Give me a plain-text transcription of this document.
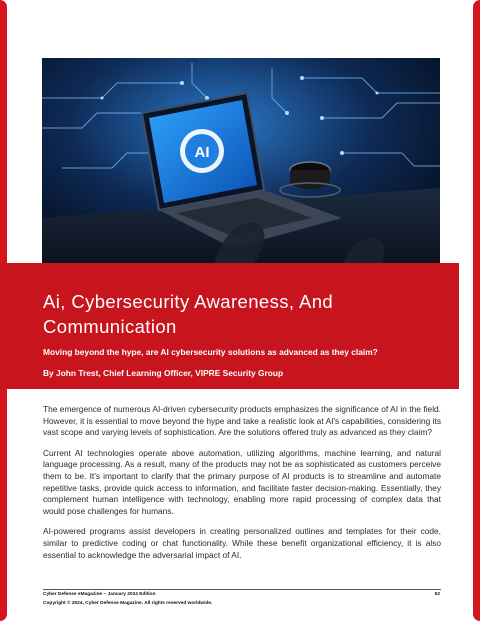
AI
Ai, Cybersecurity Awareness, And Communication

Moving beyond the hype, are AI cybersecurity solutions as advanced as they claim?

By John Trest, Chief Learning Officer, VIPRE Security Group

The emergence of numerous AI-driven cybersecurity products emphasizes the significance of AI in the field. However, it is essential to move beyond the hype and take a realistic look at AI's capabilities, considering its vast scope and varying levels of sophistication. Are the solutions offered truly as advanced as they claim?

Current AI technologies operate above automation, utilizing algorithms, machine learning, and natural language processing. As a result, many of the products may not be as sophisticated as customers perceive them to be. It's important to clarify that the primary purpose of AI products is to streamline and automate repetitive tasks, provide quick access to information, and facilitate faster decision-making. Essentially, they complement human intelligence with technology, enabling more rapid processing of complex data that would pose challenges for humans.

AI-powered programs assist developers in creating personalized outlines and templates for their code, similar to predictive coding or chat functionality. While these benefit organizational efficiency, it is also essential to acknowledge the adversarial impact of AI.

Cyber Defense eMagazine – January 2024 Edition	52
Copyright © 2024, Cyber Defense Magazine. All rights reserved worldwide.
